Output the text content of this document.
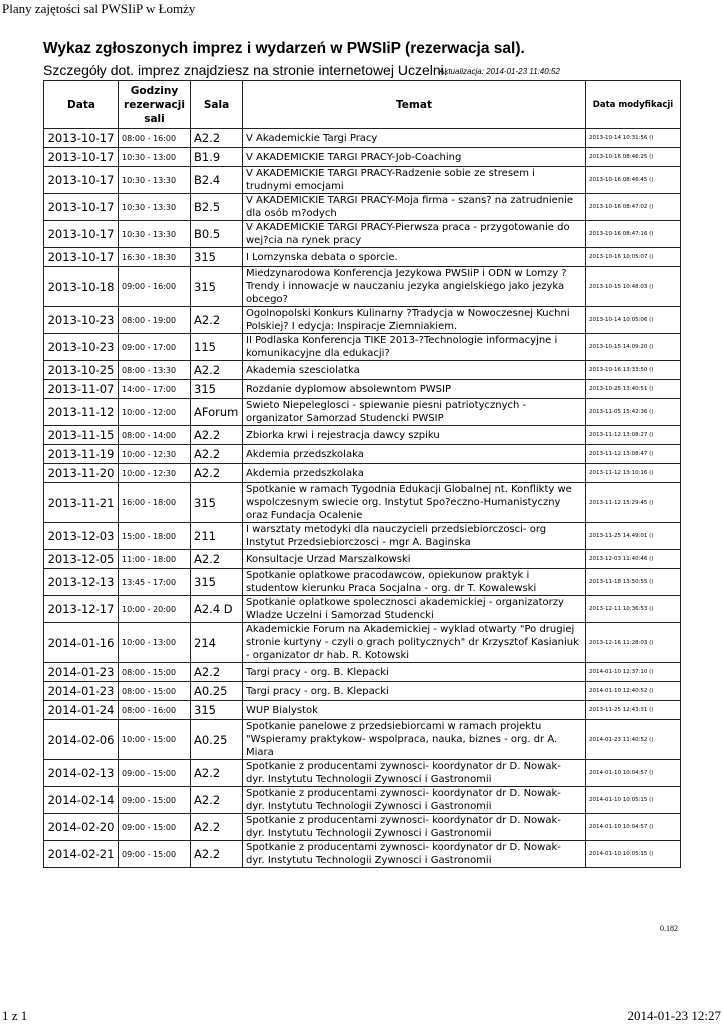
Plany zajętości sal PWSIiP w Łomży
Wykaz zgłoszonych imprez i wydarzeń w PWSIiP (rezerwacja sal).
Szczegóły dot. imprez znajdziesz na stronie internetowej Uczelni.
Aktualizacja: 2014-01-23 11:40:52
Data	Godziny rezerwacji sali	Sala	Temat	Data modyfikacji
2013-10-17	08:00 - 16:00	A2.2	V Akademickie Targi Pracy	2013-10-14 10:31:56 ()
2013-10-17	10:30 - 13:00	B1.9	V AKADEMICKIE TARGI PRACY-Job-Coaching	2013-10-16 08:46:25 ()
2013-10-17	10:30 - 13:30	B2.4	V AKADEMICKIE TARGI PRACY-Radzenie sobie ze stresem i trudnymi emocjami	2013-10-16 08:46:45 ()
2013-10-17	10:30 - 13:30	B2.5	V AKADEMICKIE TARGI PRACY-Moja firma - szans? na zatrudnienie dla osób m?odych	2013-10-16 08:47:02 ()
2013-10-17	10:30 - 13:30	B0.5	V AKADEMICKIE TARGI PRACY-Pierwsza praca - przygotowanie do wej?cia na rynek pracy	2013-10-16 08:47:16 ()
2013-10-17	16:30 - 18:30	315	I Lomzynska debata o sporcie.	2013-10-16 10:05:07 ()
2013-10-18	09:00 - 16:00	315	Miedzynarodowa Konferencja Jezykowa PWSIiP i ODN w Lomzy ?Trendy i innowacje w nauczaniu jezyka angielskiego jako jezyka obcego?	2013-10-15 10:48:03 ()
2013-10-23	08:00 - 19:00	A2.2	Ogolnopolski Konkurs Kulinarny ?Tradycja w Nowoczesnej Kuchni Polskiej? I edycja: Inspiracje Ziemniakiem.	2013-10-14 10:05:06 ()
2013-10-23	09:00 - 17:00	115	II Podlaska Konferencja TIKE 2013-?Technologie informacyjne i komunikacyjne dla edukacji?	2013-10-15 14:09:20 ()
2013-10-25	08:00 - 13:30	A2.2	Akademia szesciolatka	2013-10-16 13:33:50 ()
2013-11-07	14:00 - 17:00	315	Rozdanie dyplomow absolewntom PWSIP	2013-10-25 13:40:51 ()
2013-11-12	10:00 - 12:00	AForum	Swieto Niepeleglosci - spiewanie piesni patriotycznych - organizator Samorzad Studencki PWSIP	2013-11-05 15:42:36 ()
2013-11-15	08:00 - 14:00	A2.2	Zbiorka krwi i rejestracja dawcy szpiku	2013-11-12 13:08:27 ()
2013-11-19	10:00 - 12:30	A2.2	Akdemia przedszkolaka	2013-11-12 13:08:47 ()
2013-11-20	10:00 - 12:30	A2.2	Akdemia przedszkolaka	2013-11-12 13:10:16 ()
2013-11-21	16:00 - 18:00	315	Spotkanie w ramach Tygodnia Edukacji Globalnej nt. Konflikty we wspolczesnym swiecie org. Instytut Spo?eczno-Humanistyczny oraz Fundacja Ocalenie	2013-11-12 15:29:45 ()
2013-12-03	15:00 - 18:00	211	I warsztaty metodyki dla nauczycieli przedsiebiorczosci- org Instytut Przedsiebiorczosci - mgr A. Baginska	2013-11-25 14:49:01 ()
2013-12-05	11:00 - 18:00	A2.2	Konsultacje Urzad Marszalkowski	2013-12-03 11:40:46 ()
2013-12-13	13:45 - 17:00	315	Spotkanie oplatkowe pracodawcow, opiekunow praktyk i studentow kierunku Praca Socjalna - org. dr T. Kowalewski	2013-11-18 13:50:55 ()
2013-12-17	10:00 - 20:00	A2.4 D	Spotkanie oplatkowe spolecznosci akademickiej - organizatorzy Wladze Uczelni i Samorzad Studencki	2013-12-11 10:36:53 ()
2014-01-16	10:00 - 13:00	214	Akademickie Forum na Akademickiej - wyklad otwarty "Po drugiej stronie kurtyny - czyli o grach politycznych" dr Krzysztof Kasianiuk - organizator dr hab. R. Kotowski	2013-12-16 11:28:03 ()
2014-01-23	08:00 - 15:00	A2.2	Targi pracy - org. B. Klepacki	2014-01-10 12:37:10 ()
2014-01-23	08:00 - 15:00	A0.25	Targi pracy - org. B. Klepacki	2014-01-10 12:40:52 ()
2014-01-24	08:00 - 16:00	315	WUP Bialystok	2013-11-25 12:43:31 ()
2014-02-06	10:00 - 15:00	A0.25	Spotkanie panelowe z przedsiebiorcami w ramach projektu "Wspieramy praktykow- wspolpraca, nauka, biznes - org. dr A. Miara	2014-01-23 11:40:52 ()
2014-02-13	09:00 - 15:00	A2.2	Spotkanie z producentami zywnosci- koordynator dr D. Nowak- dyr. Instytutu Technologii Zywnosci i Gastronomii	2014-01-10 10:04:57 ()
2014-02-14	09:00 - 15:00	A2.2	Spotkanie z producentami zywnosci- koordynator dr D. Nowak- dyr. Instytutu Technologii Zywnosci i Gastronomii	2014-01-10 10:05:15 ()
2014-02-20	09:00 - 15:00	A2.2	Spotkanie z producentami zywnosci- koordynator dr D. Nowak- dyr. Instytutu Technologii Zywnosci i Gastronomii	2014-01-10 10:04:57 ()
2014-02-21	09:00 - 15:00	A2.2	Spotkanie z producentami zywnosci- koordynator dr D. Nowak- dyr. Instytutu Technologii Zywnosci i Gastronomii	2014-01-10 10:05:15 ()
0.182
1 z 1	2014-01-23 12:27
